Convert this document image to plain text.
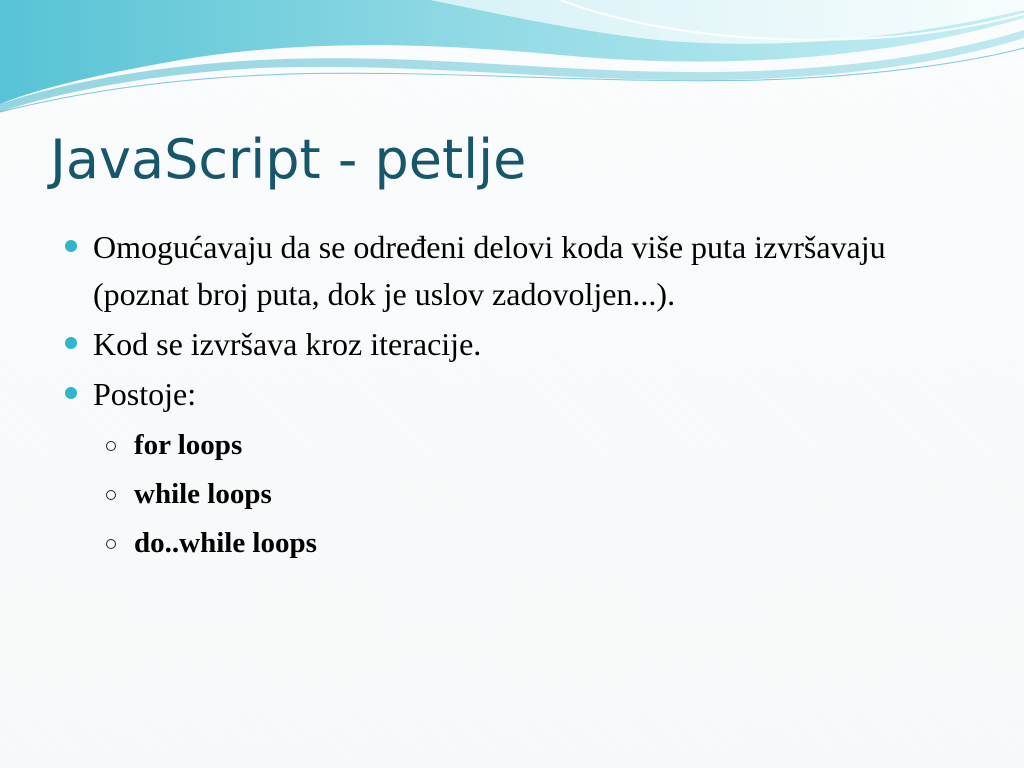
JavaScript - petlje
Omogućavaju da se određeni delovi koda više puta izvršavaju (poznat broj puta, dok je uslov zadovoljen...).
Kod se izvršava kroz iteracije.
Postoje:
for loops
while loops
do..while loops
